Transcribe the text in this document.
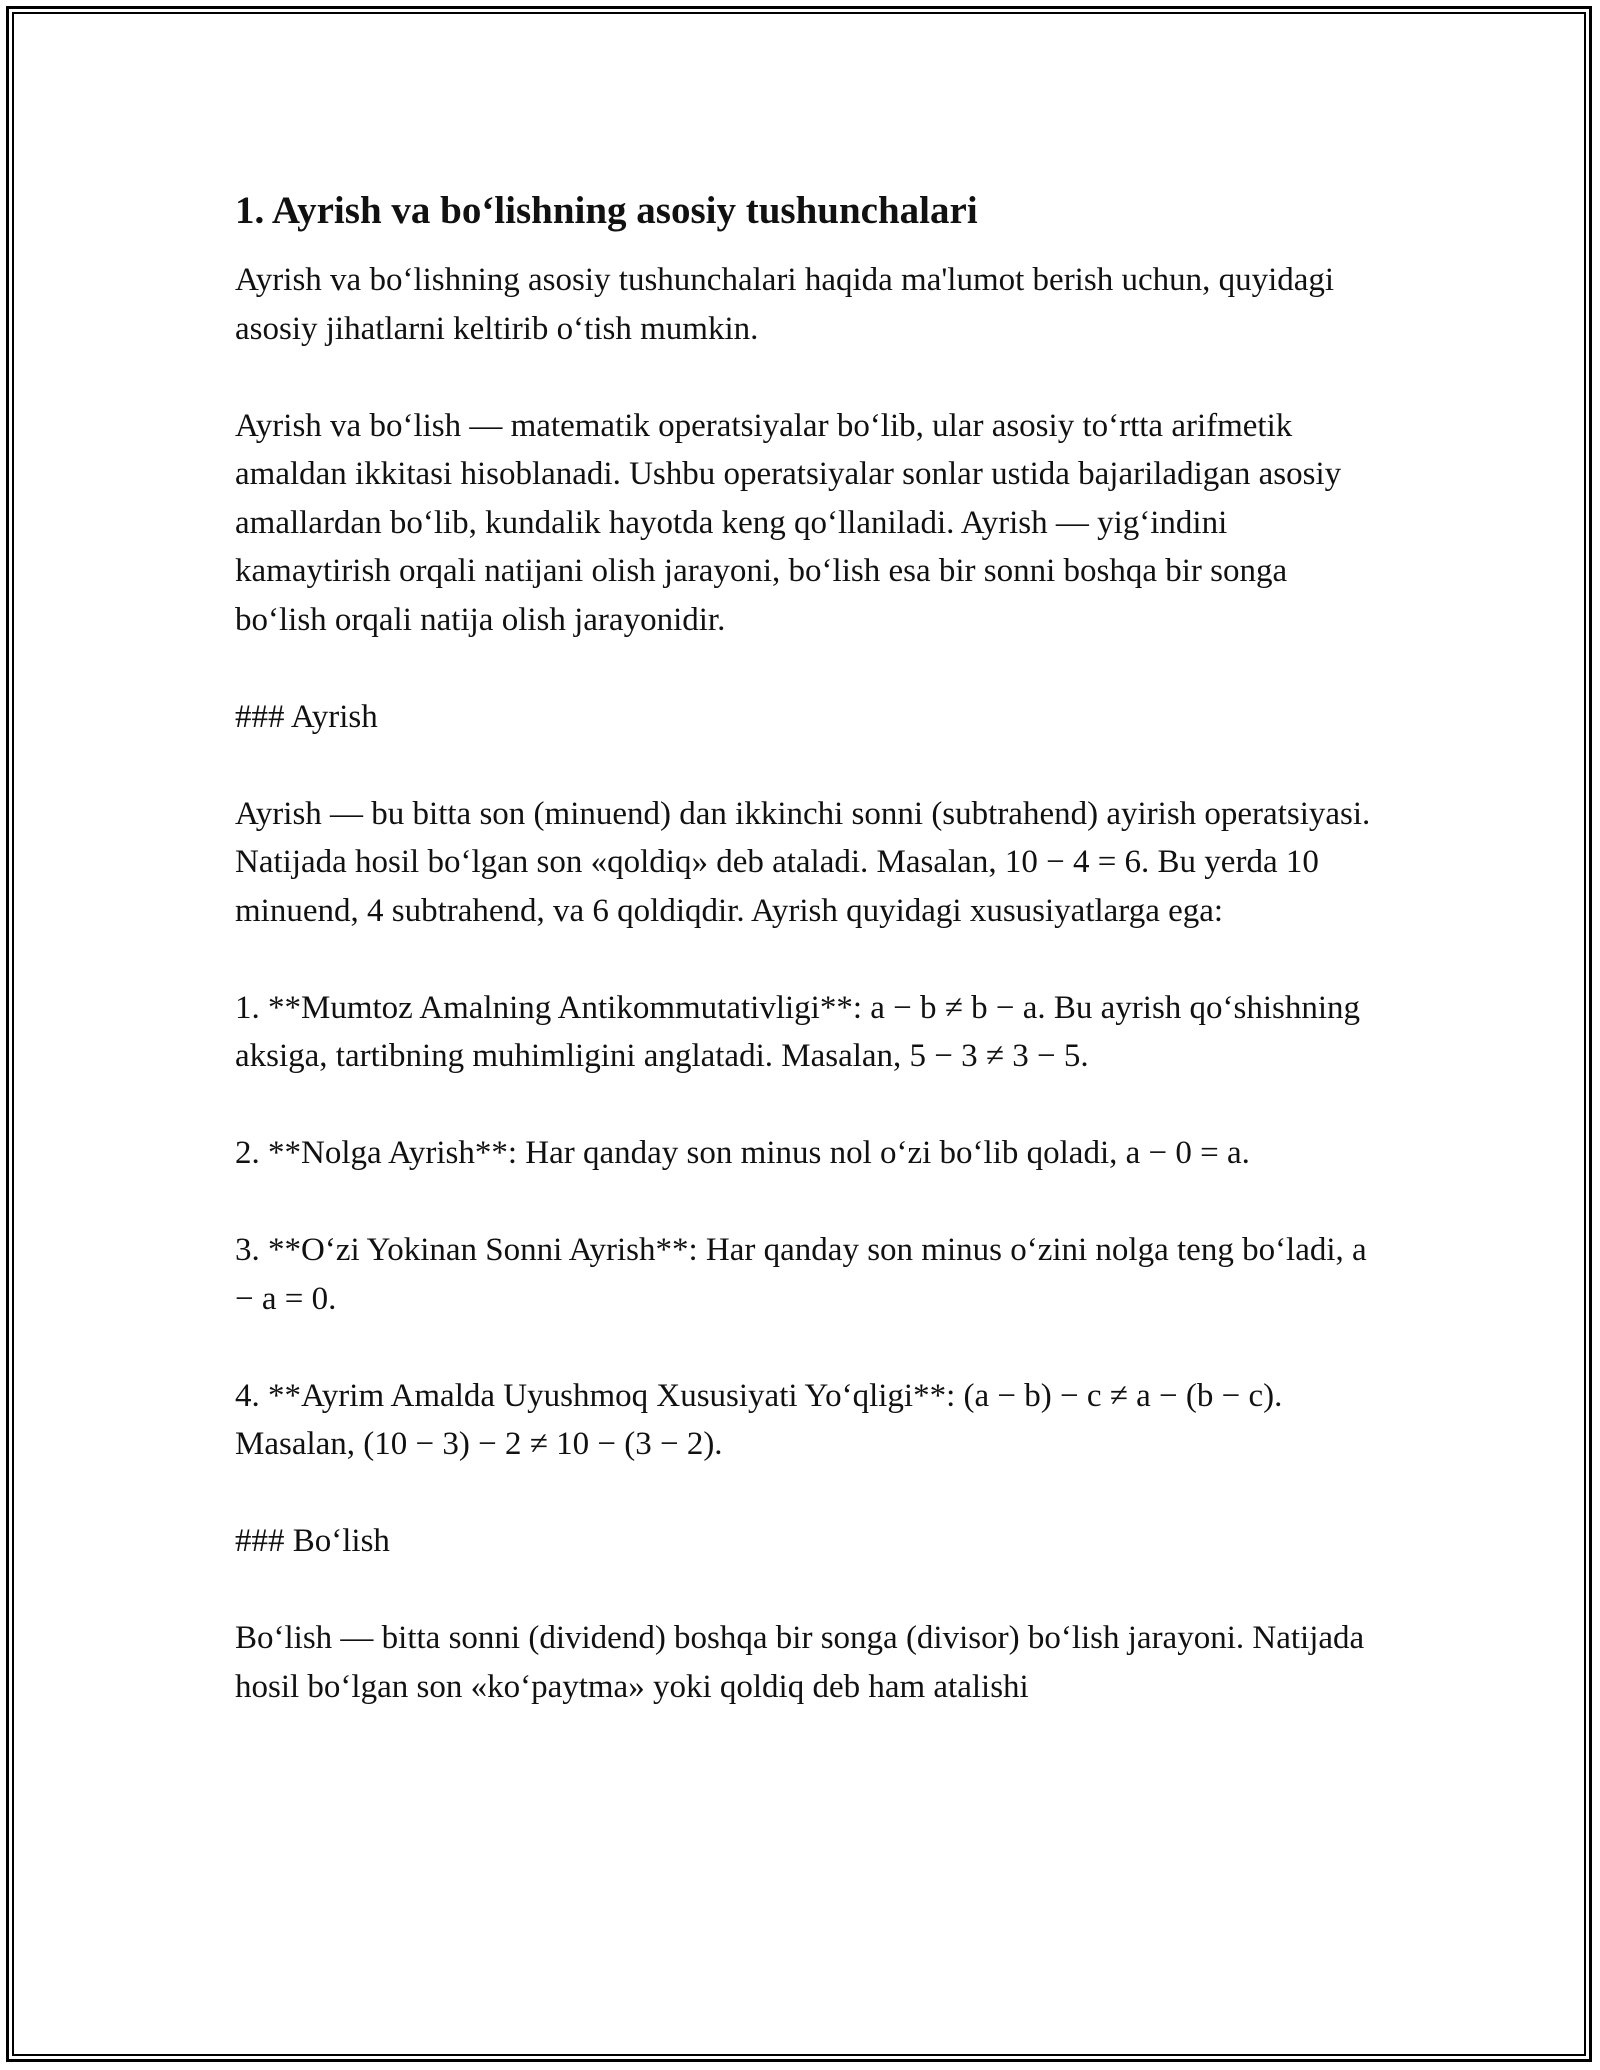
1. Ayrish va bo‘lishning asosiy tushunchalari

Ayrish va bo‘lishning asosiy tushunchalari haqida ma'lumot berish uchun, quyidagi asosiy jihatlarni keltirib o‘tish mumkin.

Ayrish va bo‘lish — matematik operatsiyalar bo‘lib, ular asosiy to‘rtta arifmetik amaldan ikkitasi hisoblanadi. Ushbu operatsiyalar sonlar ustida bajariladigan asosiy amallardan bo‘lib, kundalik hayotda keng qo‘llaniladi. Ayrish — yig‘indini kamaytirish orqali natijani olish jarayoni, bo‘lish esa bir sonni boshqa bir songa bo‘lish orqali natija olish jarayonidir.

### Ayrish

Ayrish — bu bitta son (minuend) dan ikkinchi sonni (subtrahend) ayirish operatsiyasi. Natijada hosil bo‘lgan son «qoldiq» deb ataladi. Masalan, 10 − 4 = 6. Bu yerda 10 minuend, 4 subtrahend, va 6 qoldiqdir. Ayrish quyidagi xususiyatlarga ega:

1. **Mumtoz Amalning Antikommutativligi**: a − b ≠ b − a. Bu ayrish qo‘shishning aksiga, tartibning muhimligini anglatadi. Masalan, 5 − 3 ≠ 3 − 5.

2. **Nolga Ayrish**: Har qanday son minus nol o‘zi bo‘lib qoladi, a − 0 = a.

3. **O‘zi Yokinan Sonni Ayrish**: Har qanday son minus o‘zini nolga teng bo‘ladi, a − a = 0.

4. **Ayrim Amalda Uyushmoq Xususiyati Yo‘qligi**: (a − b) − c ≠ a − (b − c). Masalan, (10 − 3) − 2 ≠ 10 − (3 − 2).

### Bo‘lish

Bo‘lish — bitta sonni (dividend) boshqa bir songa (divisor) bo‘lish jarayoni. Natijada hosil bo‘lgan son «ko‘paytma» yoki qoldiq deb ham atalishi
